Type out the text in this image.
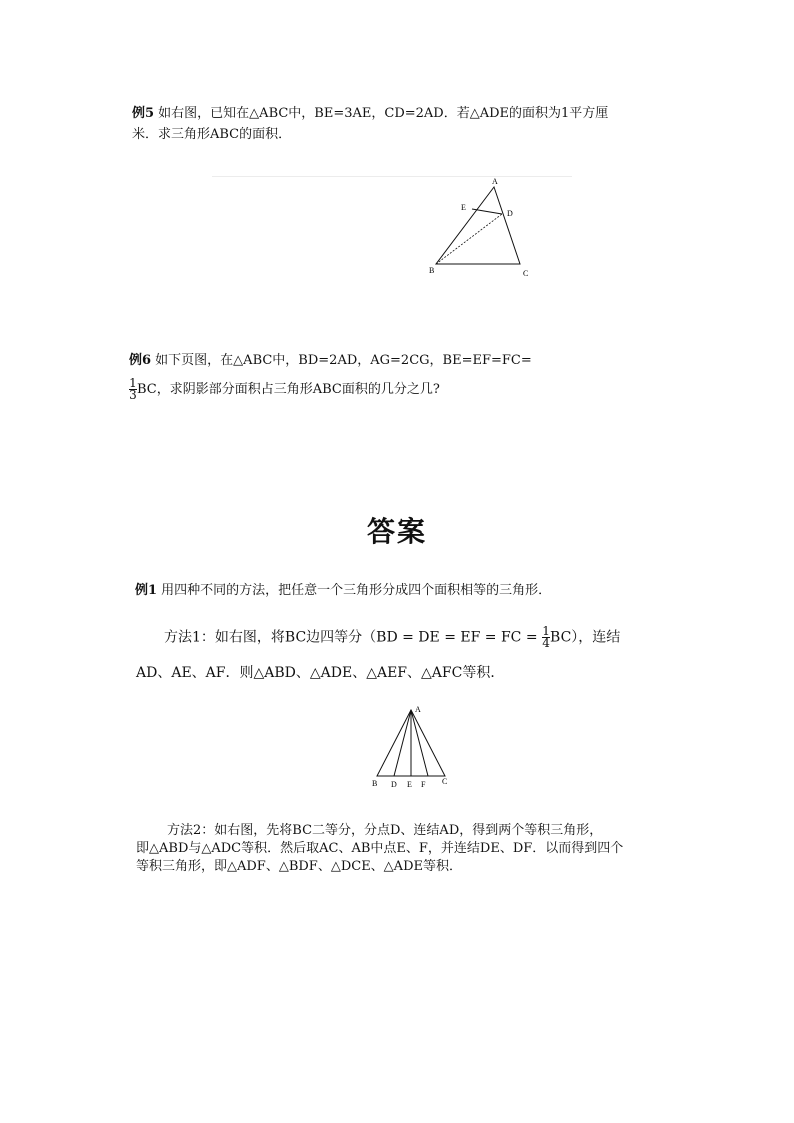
例5 如右图，已知在△ABC中，BE=3AE，CD=2AD．若△ADE的面积为1平方厘
米．求三角形ABC的面积．
A
E
D
B	C
例6 如下页图，在△ABC中，BD=2AD，AG=2CG，BE=EF=FC=
$\frac{1}{3}$ BC，求阴影部分面积占三角形ABC面积的几分之几?
答案
例1 用四种不同的方法，把任意一个三角形分成四个面积相等的三角形．
方法1：如右图，将BC边四等分（BD = DE = EF = FC = $\frac{1}{4} BC$），连结
AD、AE、AF．则△ABD、△ADE、△AEF、△AFC等积．
A
B D E F C
方法2：如右图，先将BC二等分，分点D、连结AD，得到两个等积三角形，
即△ABD与△ADC等积．然后取AC、AB中点E、F，并连结DE、DF．以而得到四个
等积三角形，即△ADF、△BDF、△DCE、△ADE等积．
